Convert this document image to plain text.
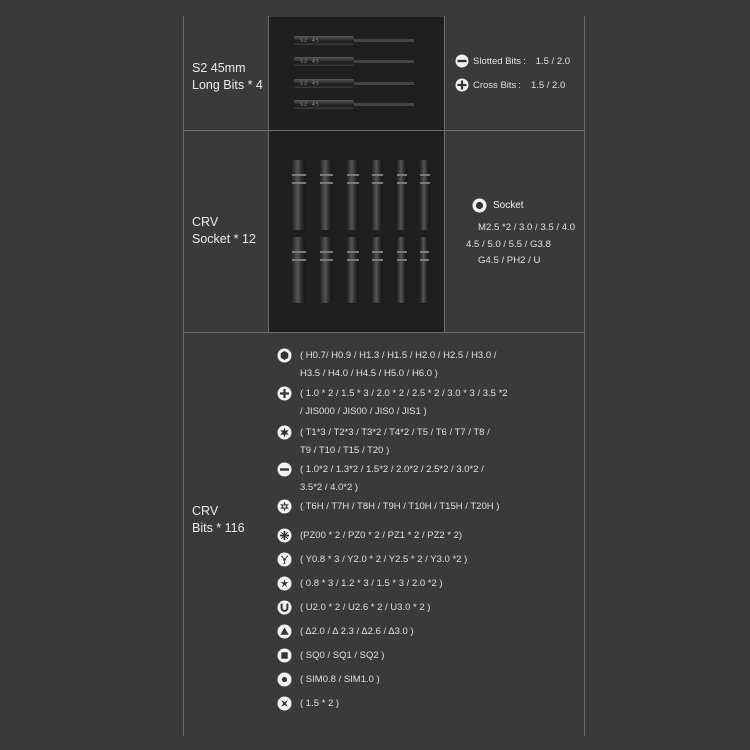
S2 45mm
Long Bits * 4
S2 45
S2 45
S2 45
S2 45
Slotted Bits : 1.5 / 2.0
Cross Bits : 1.5 / 2.0
CRV
Socket * 12
Socket
M2.5 *2 / 3.0 / 3.5 / 4.0
4.5 / 5.0 / 5.5 / G3.8
G4.5 / PH2 / U
CRV
Bits * 116
( H0.7/ H0.9 / H1.3 / H1.5 / H2.0 / H2.5 / H3.0 /
H3.5 / H4.0 / H4.5 / H5.0 / H6.0 )
( 1.0 * 2 / 1.5 * 3 / 2.0 * 2 / 2.5 * 2 / 3.0 * 3 / 3.5 *2
/ JIS000 / JIS00 / JIS0 / JIS1 )
( T1*3 / T2*3 / T3*2 / T4*2 / T5 / T6 / T7 / T8 /
T9 / T10 / T15 / T20 )
( 1.0*2 / 1.3*2 / 1.5*2 / 2.0*2 / 2.5*2 / 3.0*2 /
3.5*2 / 4.0*2 )
( T6H / T7H / T8H / T9H / T10H / T15H / T20H )
(PZ00 * 2 / PZ0 * 2 / PZ1 * 2 / PZ2 * 2)
( Y0.8 * 3 / Y2.0 * 2 / Y2.5 * 2 / Y3.0 *2 )
( 0.8 * 3 / 1.2 * 3 / 1.5 * 3 / 2.0 *2 )
( U2.0 * 2 / U2.6 * 2 / U3.0 * 2 )
( Δ2.0 / Δ 2.3 / Δ2.6 / Δ3.0 )
( SQ0 / SQ1 / SQ2 )
( SIM0.8 / SIM1.0 )
( 1.5 * 2 )
